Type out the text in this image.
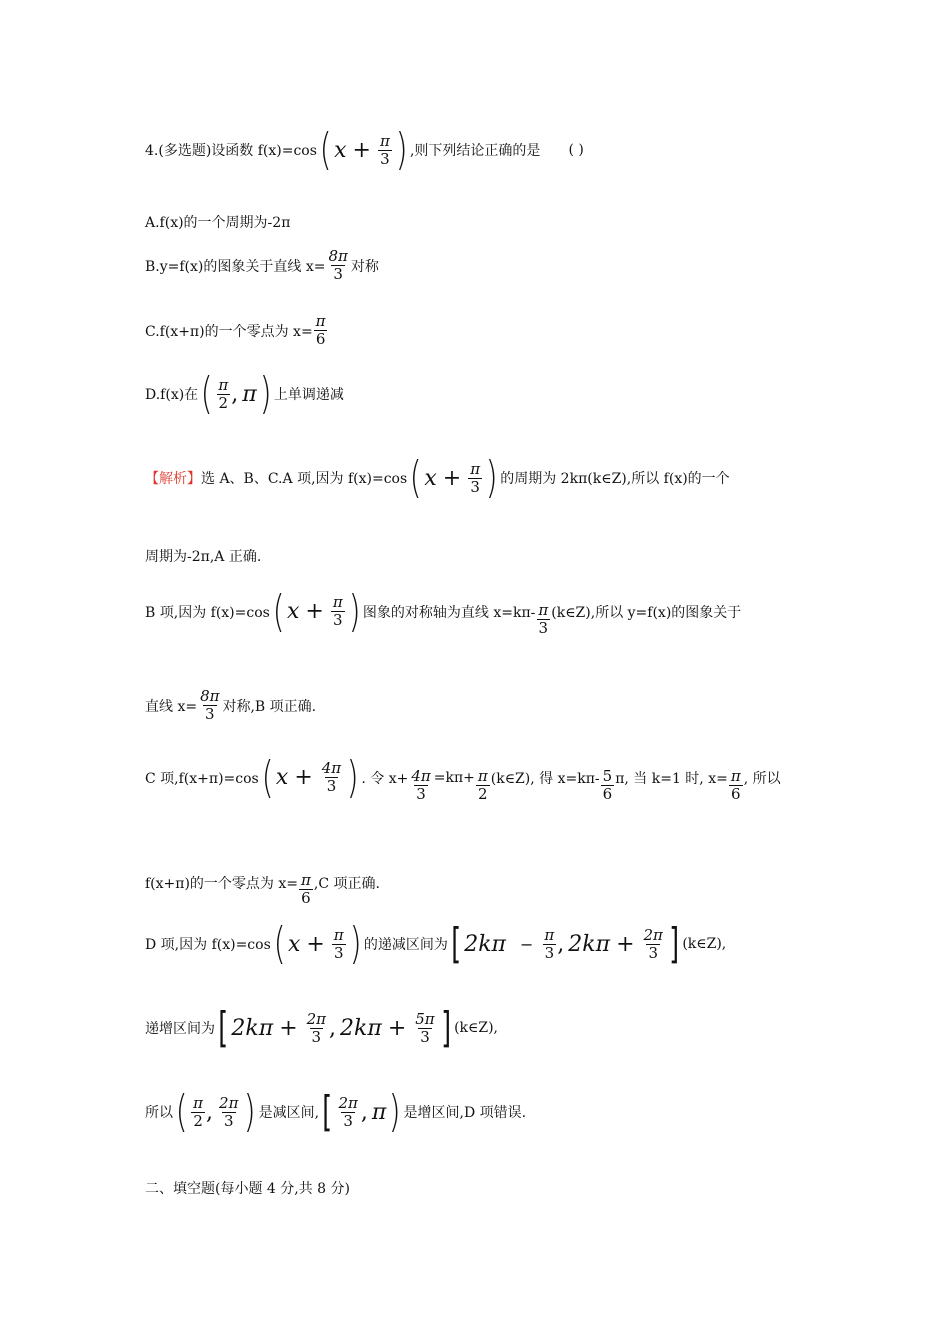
4.(多选题)设函数 f(x)=cos ( $x + \frac{\pi}{3}$ ) ,则下列结论正确的是 ( )
A.f(x)的一个周期为-2π
B.y=f(x)的图象关于直线 $x= \frac{8\pi}{3}$ 对称
C.f(x+π)的一个零点为 $x= \frac{\pi}{6}$
D.f(x)在 ( $\frac{\pi}{2}$ , π ) 上单调递减
【解析】 选 A、B、C.A 项,因为 f(x)=cos ( $x + \frac{\pi}{3}$ ) 的周期为 2kπ(k∈Z),所以 f(x)的一个
周期为-2π,A 正确.
B 项,因为 f(x)=cos ( $x + \frac{\pi}{3}$ ) 图象的对称轴为直线 $x=k\pi- \frac{\pi}{3}$ (k∈Z),所以 y=f(x)的图象关于
直线 $x= \frac{8\pi}{3}$ 对称,B 项正确.
C 项,f(x+π)=cos ( $x + \frac{4\pi}{3}$ ) . 令 $x+ \frac{4\pi}{3} =k\pi+ \frac{\pi}{2}$ (k∈Z), 得 $x=k\pi- \frac{5}{6} \pi$, 当 k=1 时, $x= \frac{\pi}{6}$ , 所以
f(x+π)的一个零点为 $x= \frac{\pi}{6} ,C$ 项正确.
D 项,因为 f(x)=cos ( $x + \frac{\pi}{3}$ ) 的递减区间为 [ $2k\pi - \frac{\pi}{3}$ , $2k\pi + \frac{2\pi}{3}$ ] (k∈Z),
递增区间为 [ $2k\pi + \frac{2\pi}{3}$ , $2k\pi + \frac{5\pi}{3}$ ] (k∈Z),
所以 ( $\frac{\pi}{2}$ , $\frac{2\pi}{3}$ ) 是减区间, [ $\frac{2\pi}{3}$ , π ) 是增区间,D 项错误.
二、填空题(每小题 4 分,共 8 分)
